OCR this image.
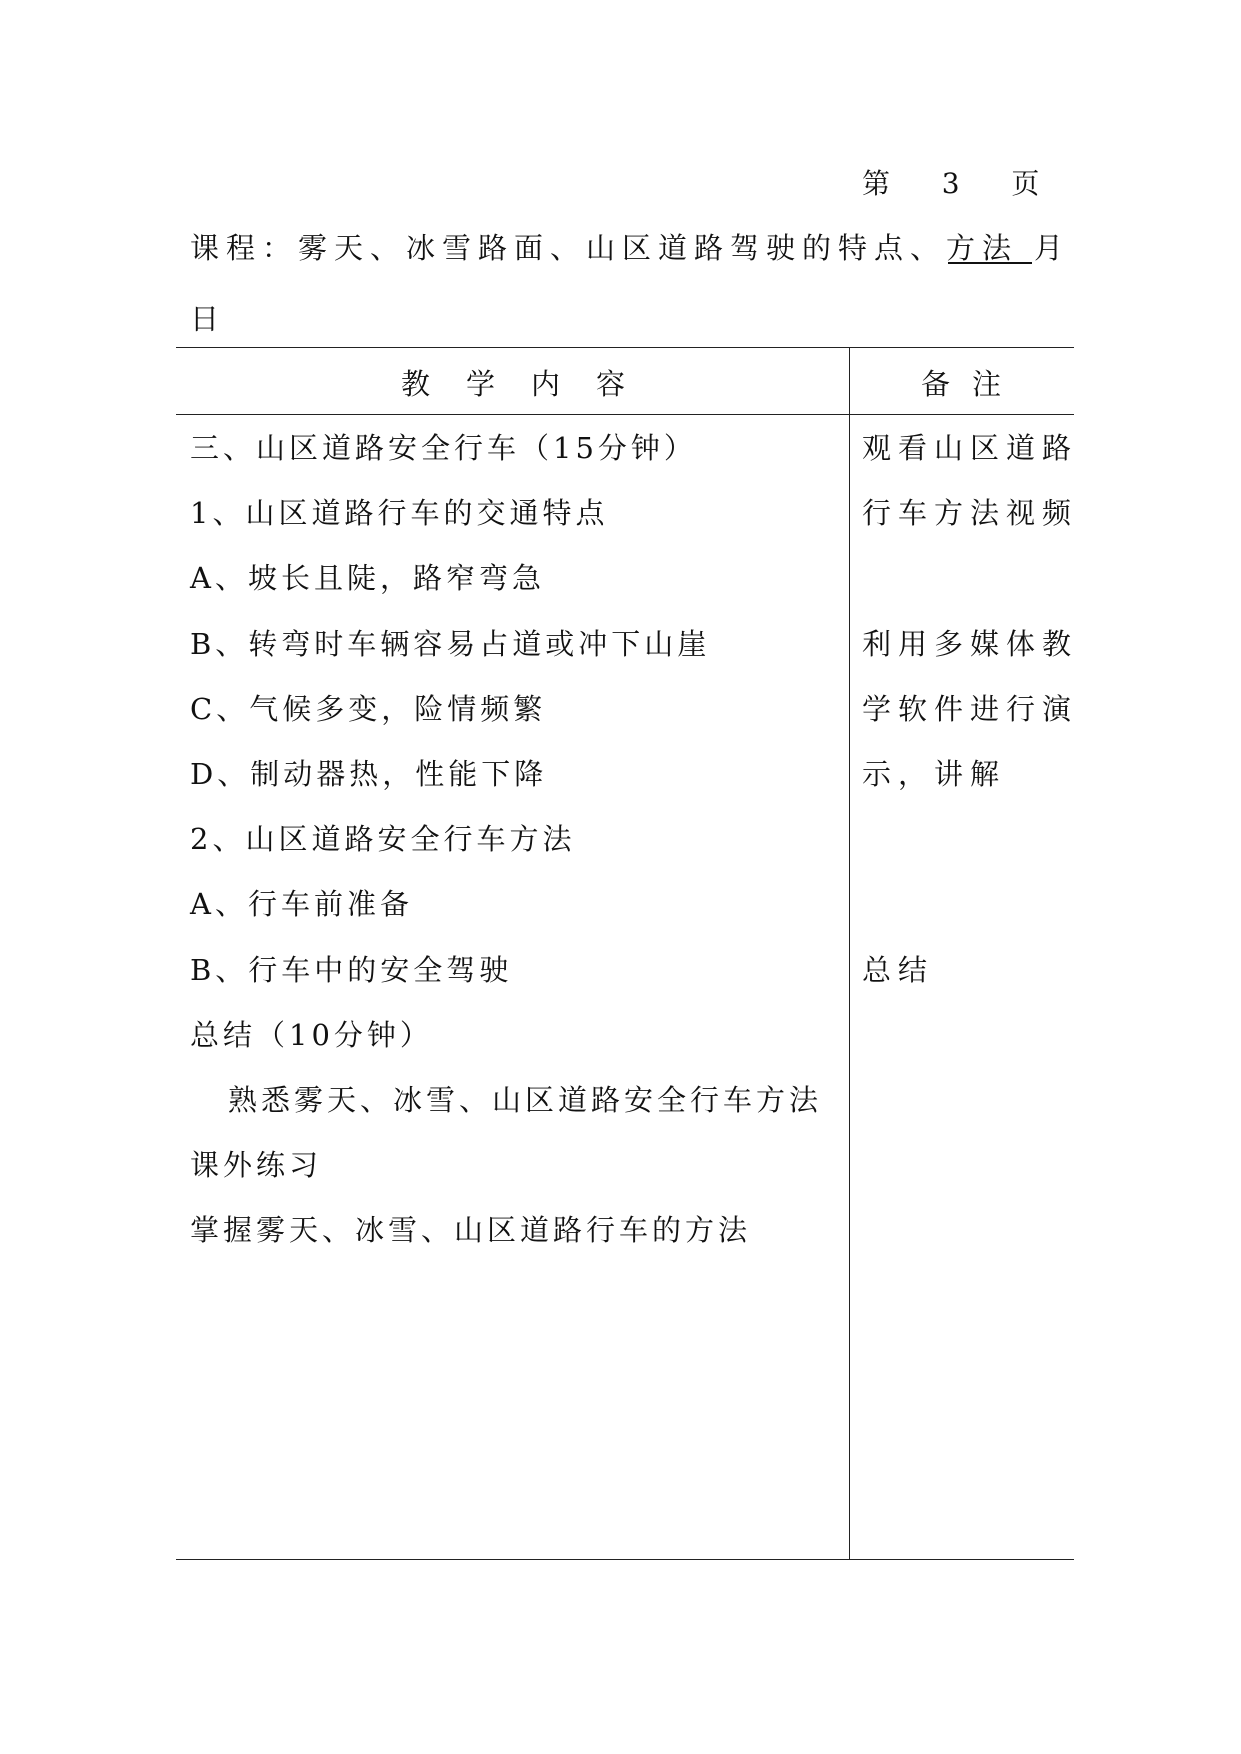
第  3  页
课程：雾天、冰雪路面、山区道路驾驶的特点、方法 月
日
教学内容	备注
三、山区道路安全行车（15分钟）
1、山区道路行车的交通特点
A、坡长且陡，路窄弯急
B、转弯时车辆容易占道或冲下山崖
C、气候多变，险情频繁
D、制动器热，性能下降
2、山区道路安全行车方法
A、行车前准备
B、行车中的安全驾驶
总结（10分钟）
熟悉雾天、冰雪、山区道路安全行车方法
课外练习
掌握雾天、冰雪、山区道路行车的方法
观看山区道路
行车方法视频
利用多媒体教
学软件进行演
示，讲解
总结
